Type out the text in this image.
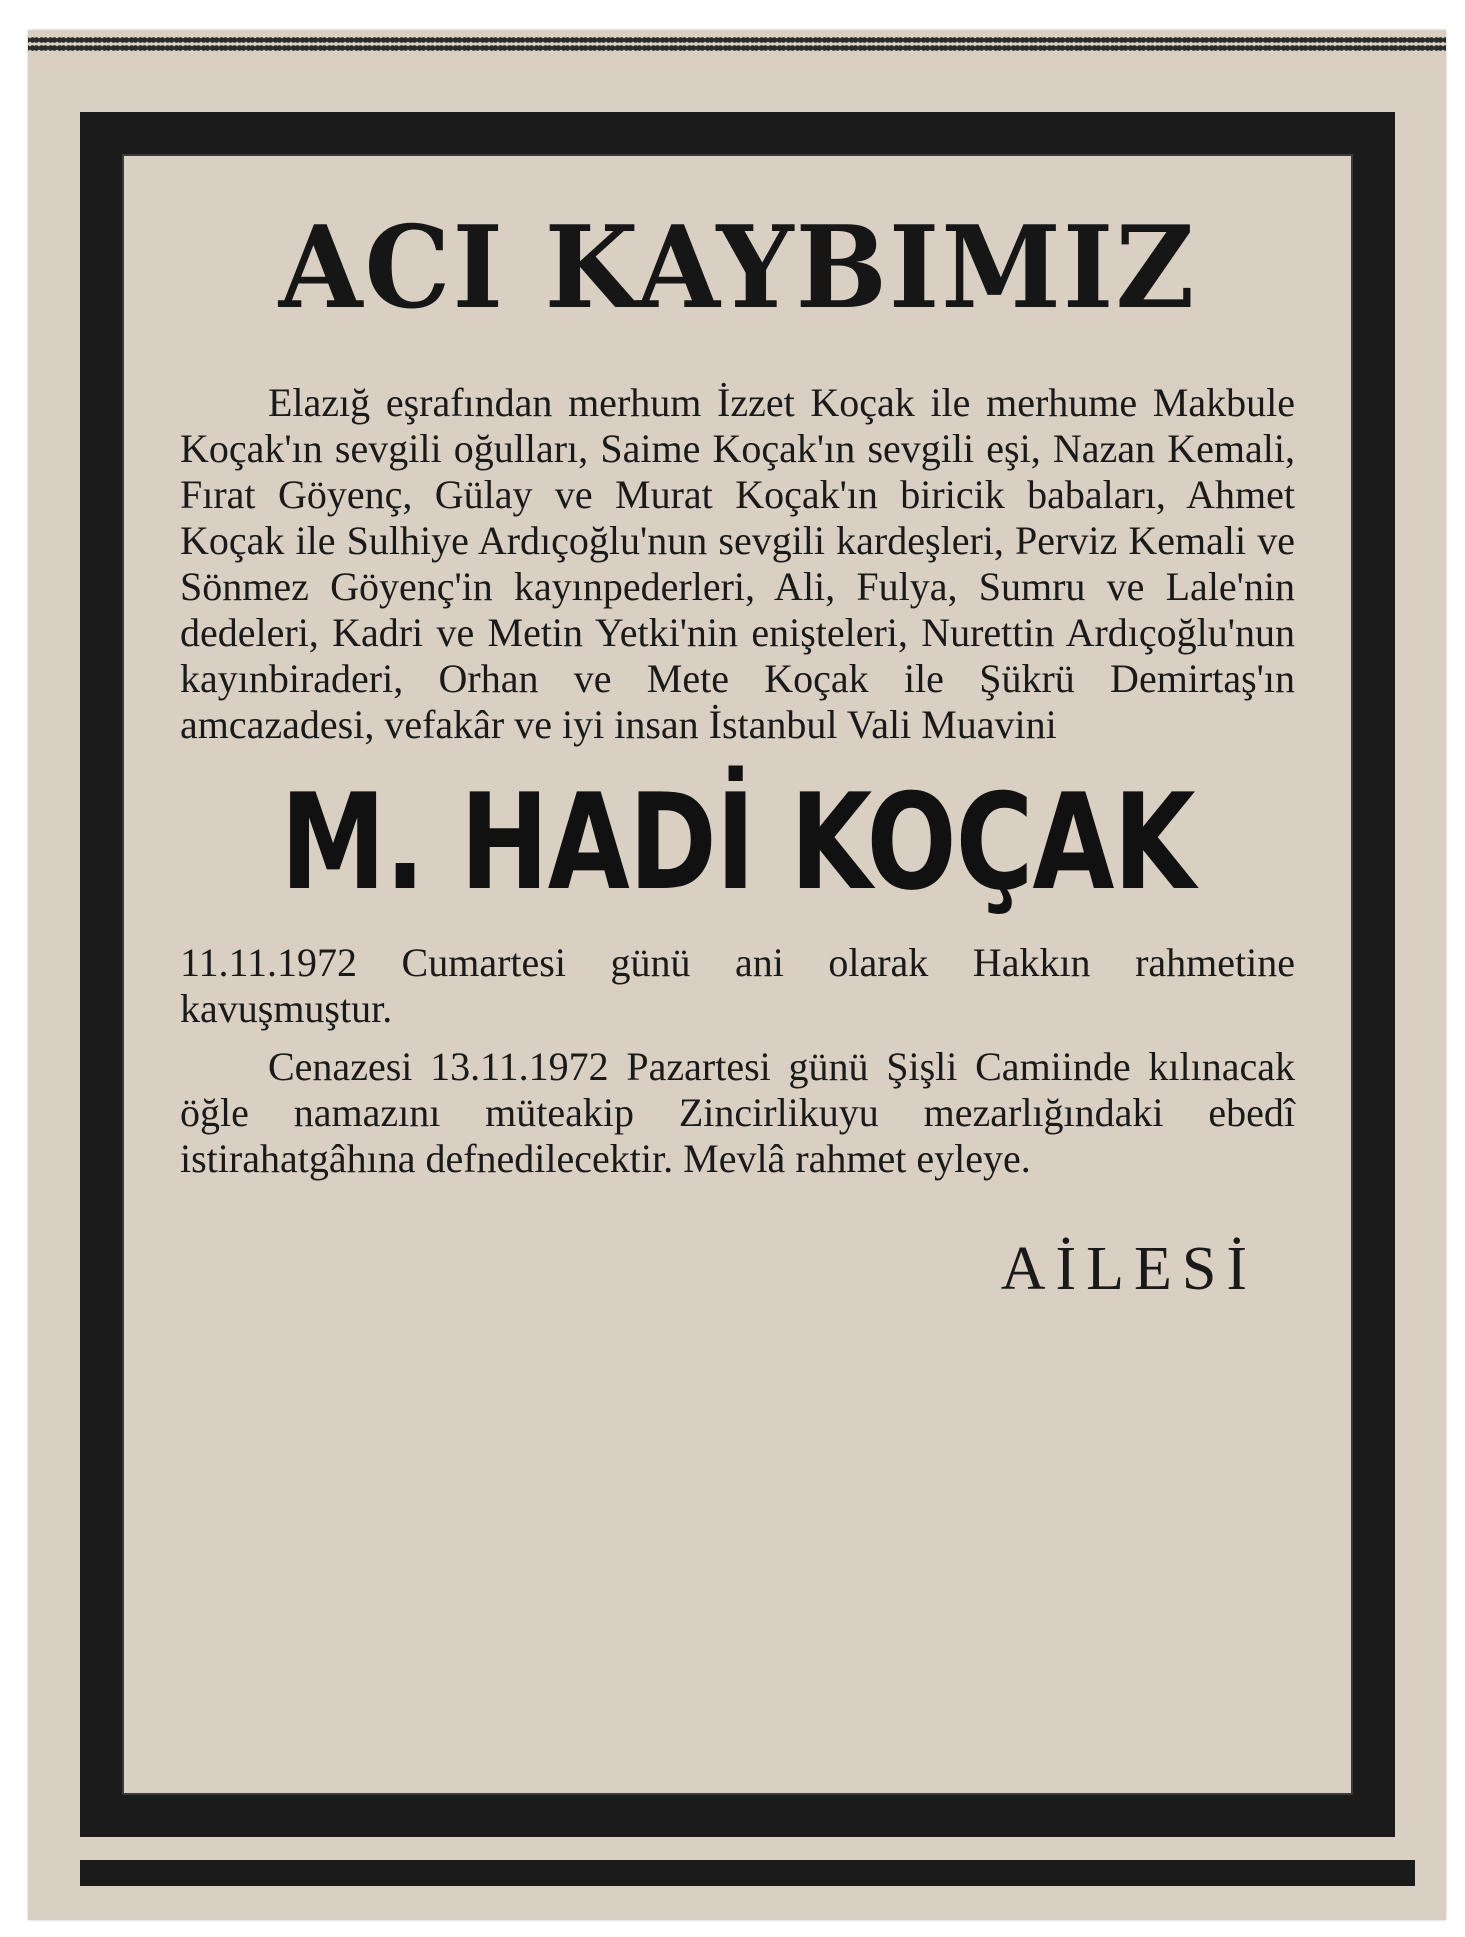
ACI KAYBIMIZ

Elazığ eşrafından merhum İzzet Koçak ile merhume Makbule Koçak'ın sevgili oğulları, Saime Koçak'ın sevgili eşi, Nazan Kemali, Fırat Göyenç, Gülay ve Murat Koçak'ın biricik babaları, Ahmet Koçak ile Sulhiye Ardıçoğlu'nun sevgili kardeşleri, Perviz Kemali ve Sönmez Göyenç'in kayınpederleri, Ali, Fulya, Sumru ve Lale'nin dedeleri, Kadri ve Metin Yetki'nin eniştelerі, Nurettin Ardıçoğlu'nun kayınbiraderi, Orhan ve Mete Koçak ile Şükrü Demirtaş'ın amcazadesi, vefakâr ve iyi insan İstanbul Vali Muavini

M. HADİ KOÇAK

11.11.1972 Cumartesi günü ani olarak Hakkın rahmetine kavuşmuştur.

Cenazesi 13.11.1972 Pazartesi günü Şişli Camiinde kılınacak öğle namazını müteakip Zincirlikuyu mezarlığındaki ebedî istirahatgâhına defnedilecektir. Mevlâ rahmet eyleye.

AİLESİ
